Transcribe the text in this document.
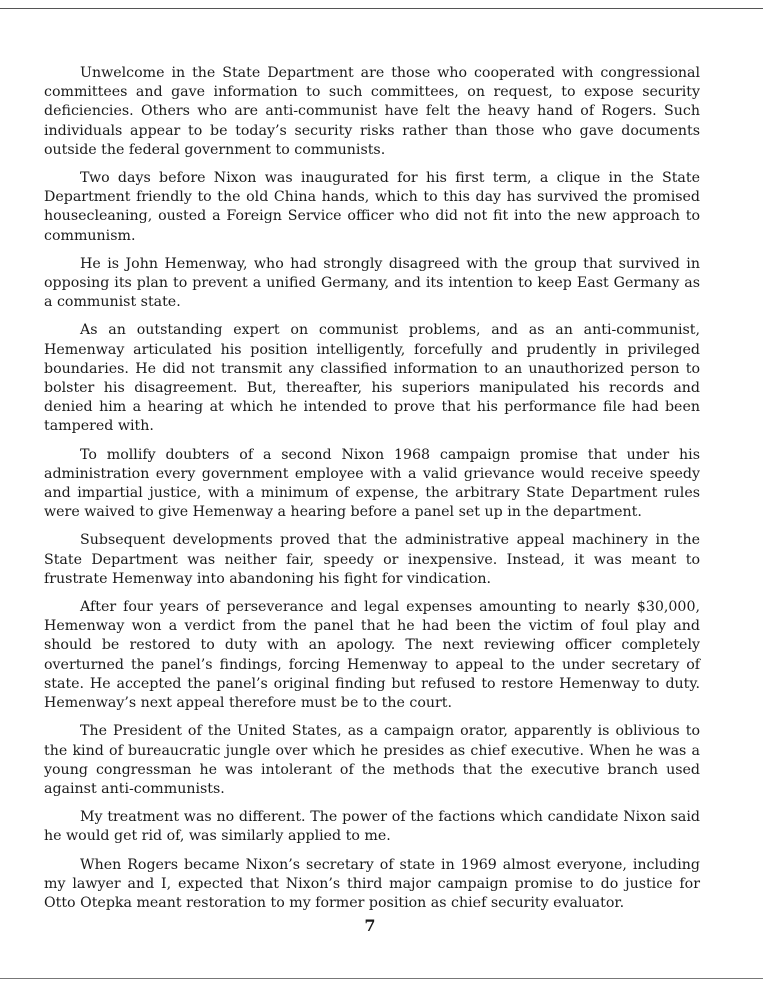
Unwelcome in the State Department are those who cooperated with congressional committees and gave information to such committees, on request, to expose security deficiencies. Others who are anti-communist have felt the heavy hand of Rogers. Such individuals appear to be today’s security risks rather than those who gave documents outside the federal government to communists.

Two days before Nixon was inaugurated for his first term, a clique in the State Department friendly to the old China hands, which to this day has survived the promised housecleaning, ousted a Foreign Service officer who did not fit into the new approach to communism.

He is John Hemenway, who had strongly disagreed with the group that survived in opposing its plan to prevent a unified Germany, and its intention to keep East Germany as a communist state.

As an outstanding expert on communist problems, and as an anti-communist, Hemenway articulated his position intelligently, forcefully and prudently in privileged boundaries. He did not transmit any classified information to an unauthorized person to bolster his disagreement. But, thereafter, his superiors manipulated his records and denied him a hearing at which he intended to prove that his performance file had been tampered with.

To mollify doubters of a second Nixon 1968 campaign promise that under his administration every government employee with a valid grievance would receive speedy and impartial justice, with a minimum of expense, the arbitrary State Department rules were waived to give Hemenway a hearing before a panel set up in the department.

Subsequent developments proved that the administrative appeal machinery in the State Department was neither fair, speedy or inexpensive. Instead, it was meant to frustrate Hemenway into abandoning his fight for vindication.

After four years of perseverance and legal expenses amounting to nearly $30,000, Hemenway won a verdict from the panel that he had been the victim of foul play and should be restored to duty with an apology. The next reviewing officer completely overturned the panel’s findings, forcing Hemenway to appeal to the under secretary of state. He accepted the panel’s original finding but refused to restore Hemenway to duty. Hemenway’s next appeal therefore must be to the court.

The President of the United States, as a campaign orator, apparently is oblivious to the kind of bureaucratic jungle over which he presides as chief executive. When he was a young congressman he was intolerant of the methods that the executive branch used against anti-communists.

My treatment was no different. The power of the factions which candidate Nixon said he would get rid of, was similarly applied to me.

When Rogers became Nixon’s secretary of state in 1969 almost everyone, including my lawyer and I, expected that Nixon’s third major campaign promise to do justice for Otto Otepka meant restoration to my former position as chief security evaluator.

7
